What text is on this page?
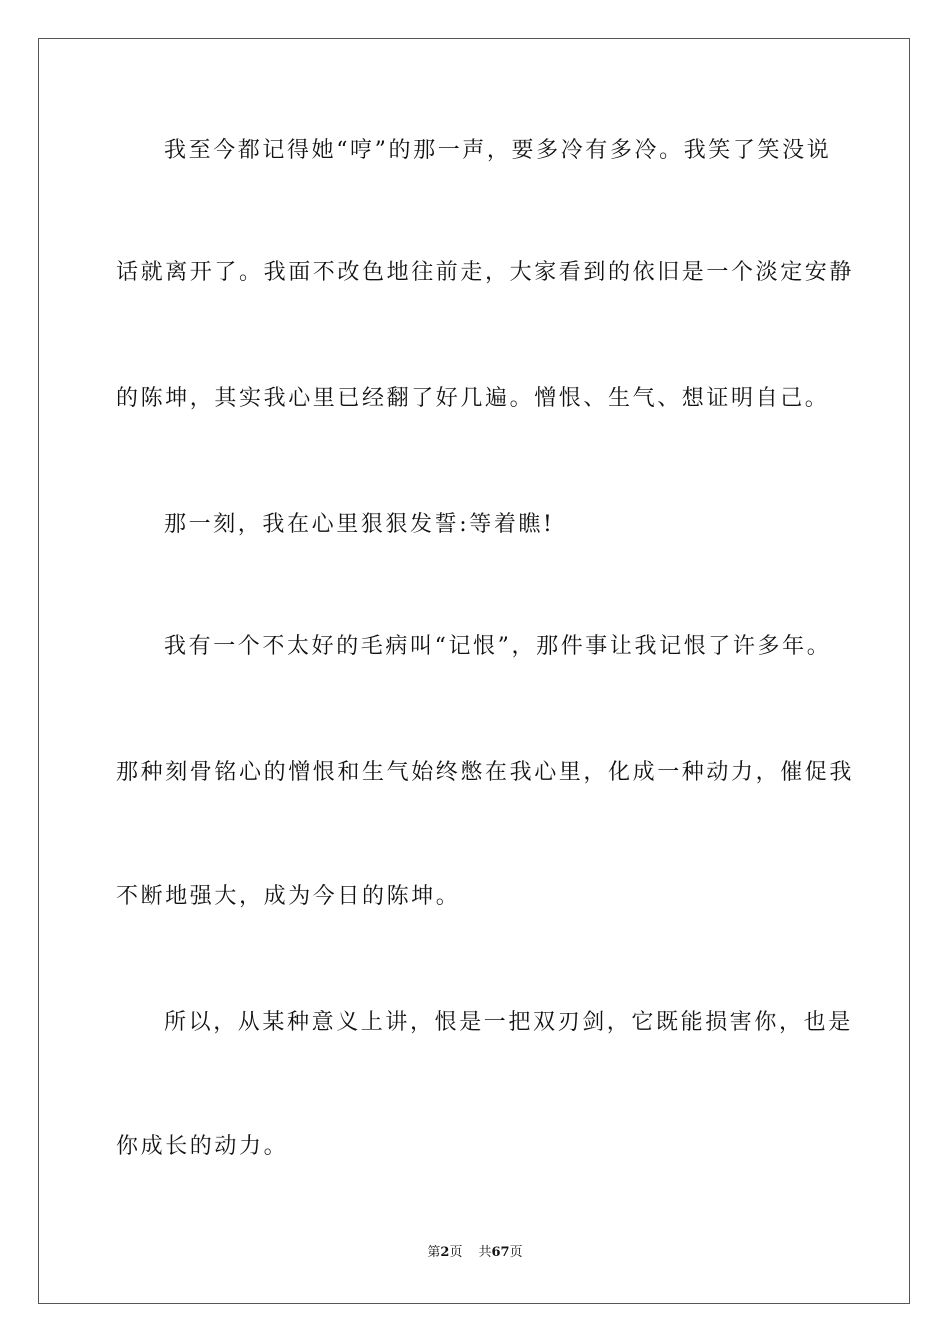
我至今都记得她“哼”的那一声，要多冷有多冷。我笑了笑没说
话就离开了。我面不改色地往前走，大家看到的依旧是一个淡定安静
的陈坤，其实我心里已经翻了好几遍。憎恨、生气、想证明自己。
那一刻，我在心里狠狠发誓:等着瞧!
我有一个不太好的毛病叫“记恨”，那件事让我记恨了许多年。
那种刻骨铭心的憎恨和生气始终憋在我心里，化成一种动力，催促我
不断地强大，成为今日的陈坤。
所以，从某种意义上讲，恨是一把双刃剑，它既能损害你，也是
你成长的动力。
第2页 共67页
